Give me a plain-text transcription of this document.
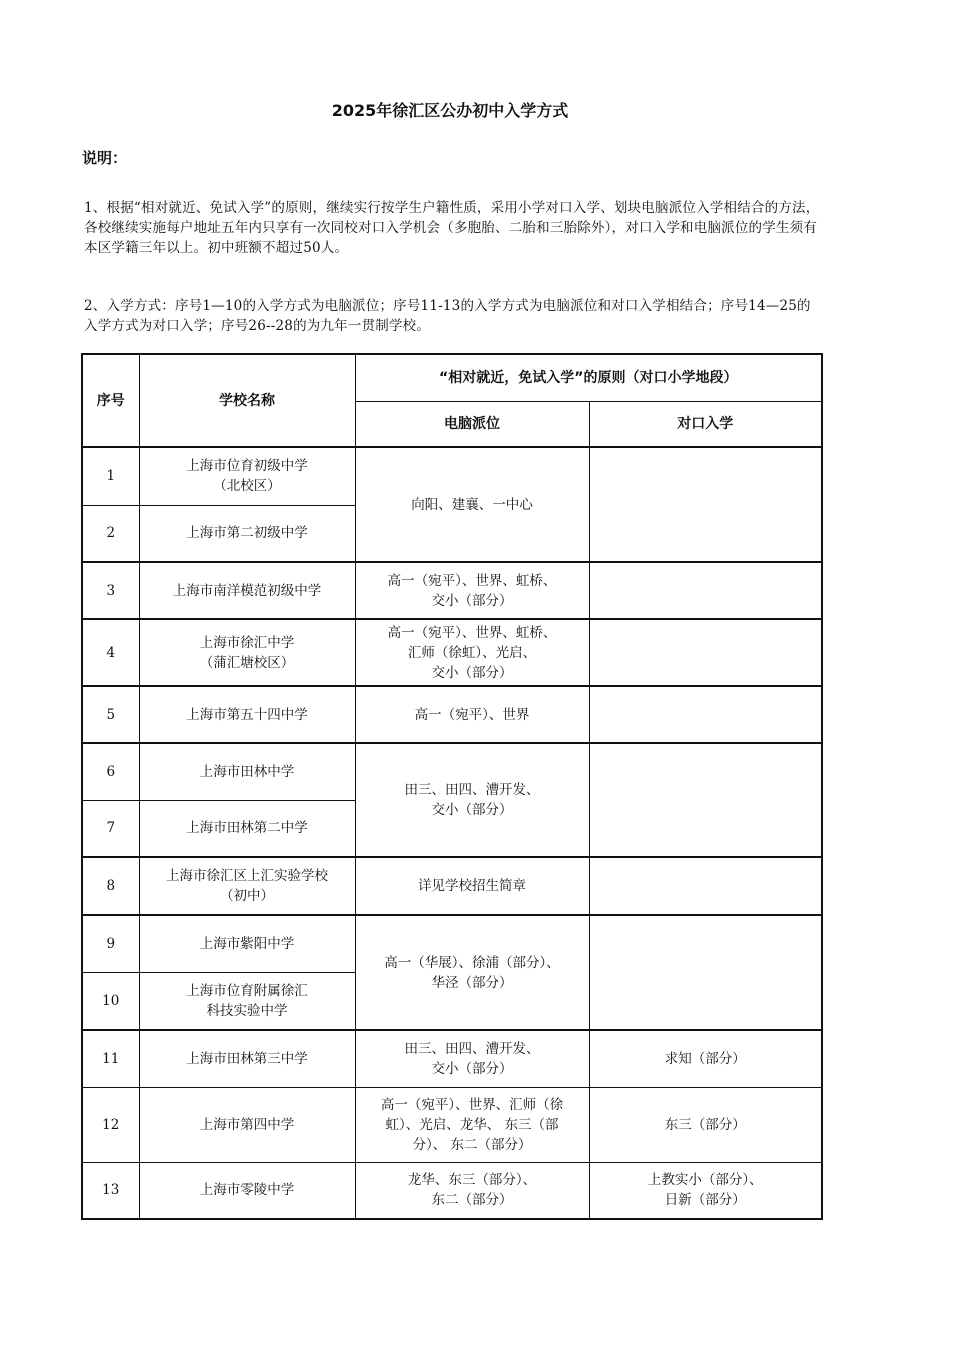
2025年徐汇区公办初中入学方式
说明：
1、根据“相对就近、免试入学”的原则，继续实行按学生户籍性质，采用小学对口入学、划块电脑派位入学相结合的方法，各校继续实施每户地址五年内只享有一次同校对口入学机会（多胞胎、二胎和三胎除外），对口入学和电脑派位的学生须有本区学籍三年以上。初中班额不超过50人。
2、入学方式：序号1—10的入学方式为电脑派位；序号11-13的入学方式为电脑派位和对口入学相结合；序号14—25的入学方式为对口入学；序号26--28的为九年一贯制学校。
序号	学校名称	“相对就近，免试入学”的原则（对口小学地段）	
		电脑派位	对口入学
1	上海市位育初级中学
（北校区）	向阳、建襄、一中心	
2	上海市第二初级中学		
3	上海市南洋模范初级中学	高一（宛平）、世界、虹桥、
交小（部分）	
4	上海市徐汇中学
（蒲汇塘校区）	高一（宛平）、世界、虹桥、
汇师（徐虹）、光启、
交小（部分）	
5	上海市第五十四中学	高一（宛平）、世界	
6	上海市田林中学	田三、田四、漕开发、
交小（部分）	
7	上海市田林第二中学		
8	上海市徐汇区上汇实验学校
（初中）	详见学校招生简章	
9	上海市紫阳中学	高一（华展）、徐浦（部分）、
华泾（部分）	
10	上海市位育附属徐汇
科技实验中学		
11	上海市田林第三中学	田三、田四、漕开发、
交小（部分）	求知（部分）
12	上海市第四中学	高一（宛平）、世界、汇师（徐
虹）、光启、龙华、 东三（部
分）、 东二（部分）	东三（部分）
13	上海市零陵中学	龙华、东三（部分）、
东二（部分）	上教实小（部分）、
日新（部分）
